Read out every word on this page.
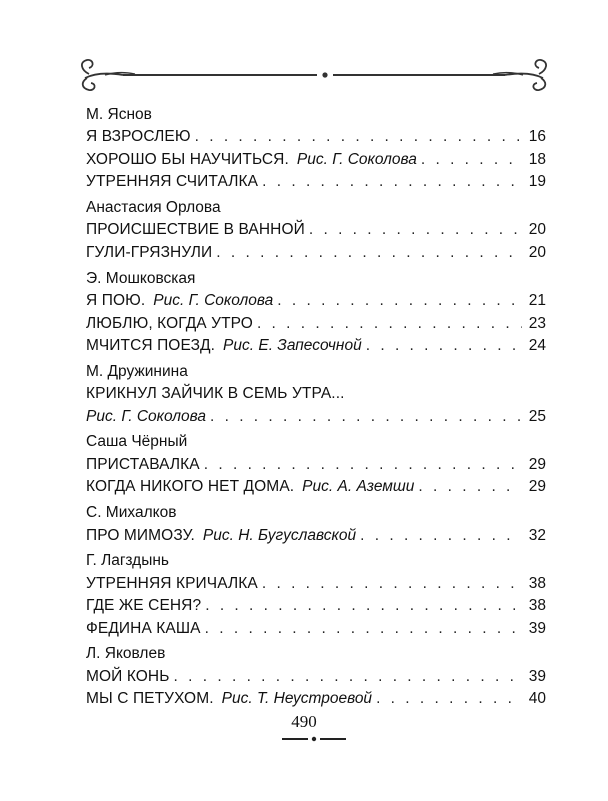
М. Яснов
Я ВЗРОСЛЕЮ . . .	16
ХОРОШО БЫ НАУЧИТЬСЯ. Рис. Г. Соколова . . .	18
УТРЕННЯЯ СЧИТАЛКА . . .	19
Анастасия Орлова
ПРОИСШЕСТВИЕ В ВАННОЙ . . .	20
ГУЛИ-ГРЯЗНУЛИ . . .	20
Э. Мошковская
Я ПОЮ. Рис. Г. Соколова . . .	21
ЛЮБЛЮ, КОГДА УТРО . . .	23
МЧИТСЯ ПОЕЗД. Рис. Е. Запесочной . . .	24
М. Дружинина
КРИКНУЛ ЗАЙЧИК В СЕМЬ УТРА...
Рис. Г. Соколова . . .	25
Саша Чёрный
ПРИСТАВАЛКА . . .	29
КОГДА НИКОГО НЕТ ДОМА. Рис. А. Аземши . . .	29
С. Михалков
ПРО МИМОЗУ. Рис. Н. Бугуславской . . .	32
Г. Лагздынь
УТРЕННЯЯ КРИЧАЛКА . . .	38
ГДЕ ЖЕ СЕНЯ? . . .	38
ФЕДИНА КАША . . .	39
Л. Яковлев
МОЙ КОНЬ . . .	39
МЫ С ПЕТУХОМ. Рис. Т. Неустроевой . . .	40
490
